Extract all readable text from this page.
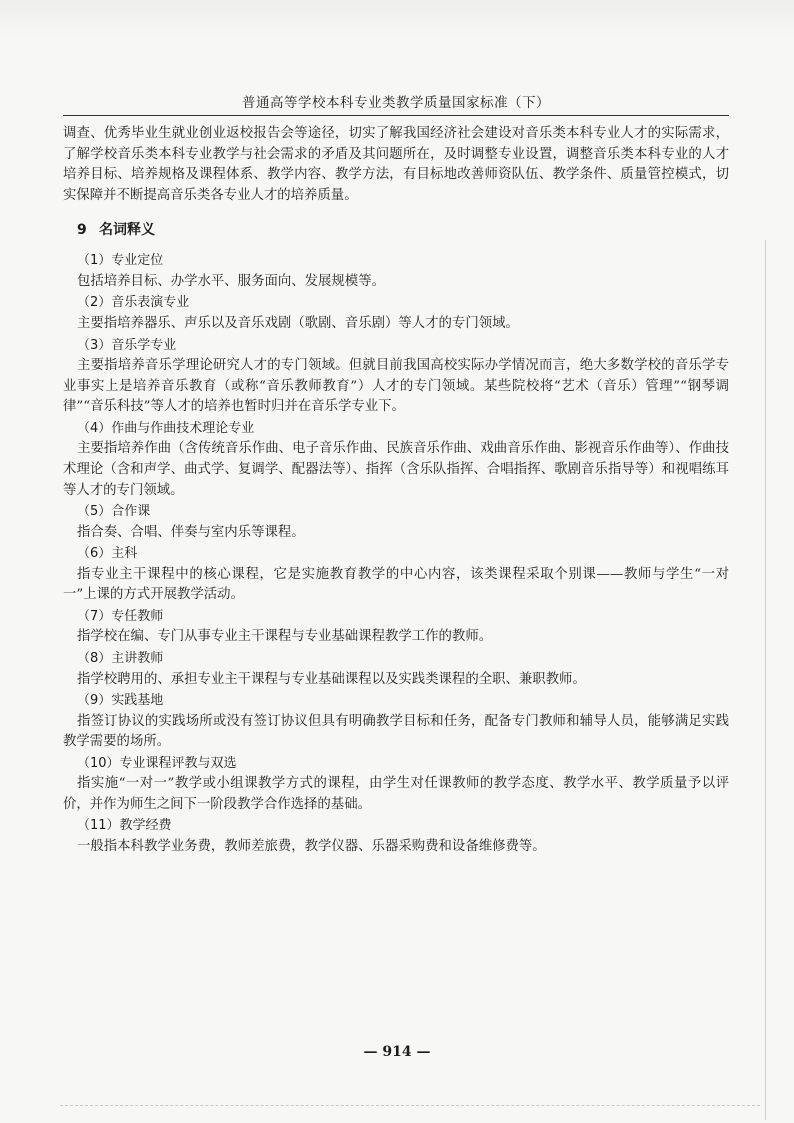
普通高等学校本科专业类教学质量国家标准（下）

调查、优秀毕业生就业创业返校报告会等途径，切实了解我国经济社会建设对音乐类本科专业人才的实际需求，了解学校音乐类本科专业教学与社会需求的矛盾及其问题所在，及时调整专业设置，调整音乐类本科专业的人才培养目标、培养规格及课程体系、教学内容、教学方法，有目标地改善师资队伍、教学条件、质量管控模式，切实保障并不断提高音乐类各专业人才的培养质量。

9 名词释义
（1）专业定位

包括培养目标、办学水平、服务面向、发展规模等。

（2）音乐表演专业

主要指培养器乐、声乐以及音乐戏剧（歌剧、音乐剧）等人才的专门领域。

（3）音乐学专业

主要指培养音乐学理论研究人才的专门领域。但就目前我国高校实际办学情况而言，绝大多数学校的音乐学专业事实上是培养音乐教育（或称“音乐教师教育”）人才的专门领域。某些院校将“艺术（音乐）管理”“钢琴调律”“音乐科技”等人才的培养也暂时归并在音乐学专业下。

（4）作曲与作曲技术理论专业

主要指培养作曲（含传统音乐作曲、电子音乐作曲、民族音乐作曲、戏曲音乐作曲、影视音乐作曲等）、作曲技术理论（含和声学、曲式学、复调学、配器法等）、指挥（含乐队指挥、合唱指挥、歌剧音乐指导等）和视唱练耳等人才的专门领域。

（5）合作课

指合奏、合唱、伴奏与室内乐等课程。

（6）主科

指专业主干课程中的核心课程，它是实施教育教学的中心内容，该类课程采取个别课——教师与学生“一对一”上课的方式开展教学活动。

（7）专任教师

指学校在编、专门从事专业主干课程与专业基础课程教学工作的教师。

（8）主讲教师

指学校聘用的、承担专业主干课程与专业基础课程以及实践类课程的全职、兼职教师。

（9）实践基地

指签订协议的实践场所或没有签订协议但具有明确教学目标和任务，配备专门教师和辅导人员，能够满足实践教学需要的场所。

（10）专业课程评教与双选

指实施“一对一”教学或小组课教学方式的课程，由学生对任课教师的教学态度、教学水平、教学质量予以评价，并作为师生之间下一阶段教学合作选择的基础。

（11）教学经费

一般指本科教学业务费，教师差旅费，教学仪器、乐器采购费和设备维修费等。

— 914 —
